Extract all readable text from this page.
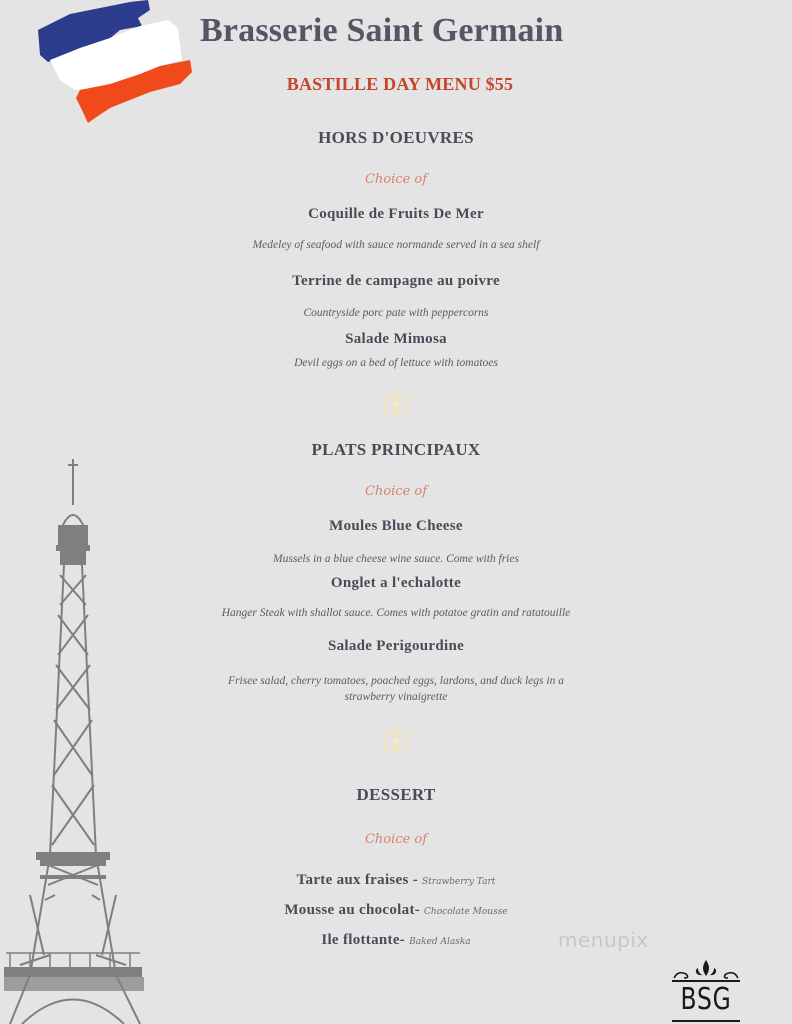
Brasserie Saint Germain
BASTILLE DAY MENU $55
HORS D'OEUVRES
Choice of
Coquille de Fruits De Mer
Medeley of seafood with sauce normande served in a sea shelf
Terrine de campagne au poivre
Countryside porc pate with peppercorns
Salade Mimosa
Devil eggs on a bed of lettuce with tomatoes
PLATS PRINCIPAUX
Choice of
Moules Blue Cheese
Mussels in a blue cheese wine sauce. Come with fries
Onglet a l'echalotte
Hanger Steak with shallot sauce. Comes with potatoe gratin and ratatouille
Salade Perigourdine
Frisee salad, cherry tomatoes, poached eggs, lardons, and duck legs in a
strawberry vinaigrette
DESSERT
Choice of
Tarte aux fraises - Strawberry Tart
Mousse au chocolat- Chocolate Mousse
Ile flottante- Baked Alaska	menupix
BSG
